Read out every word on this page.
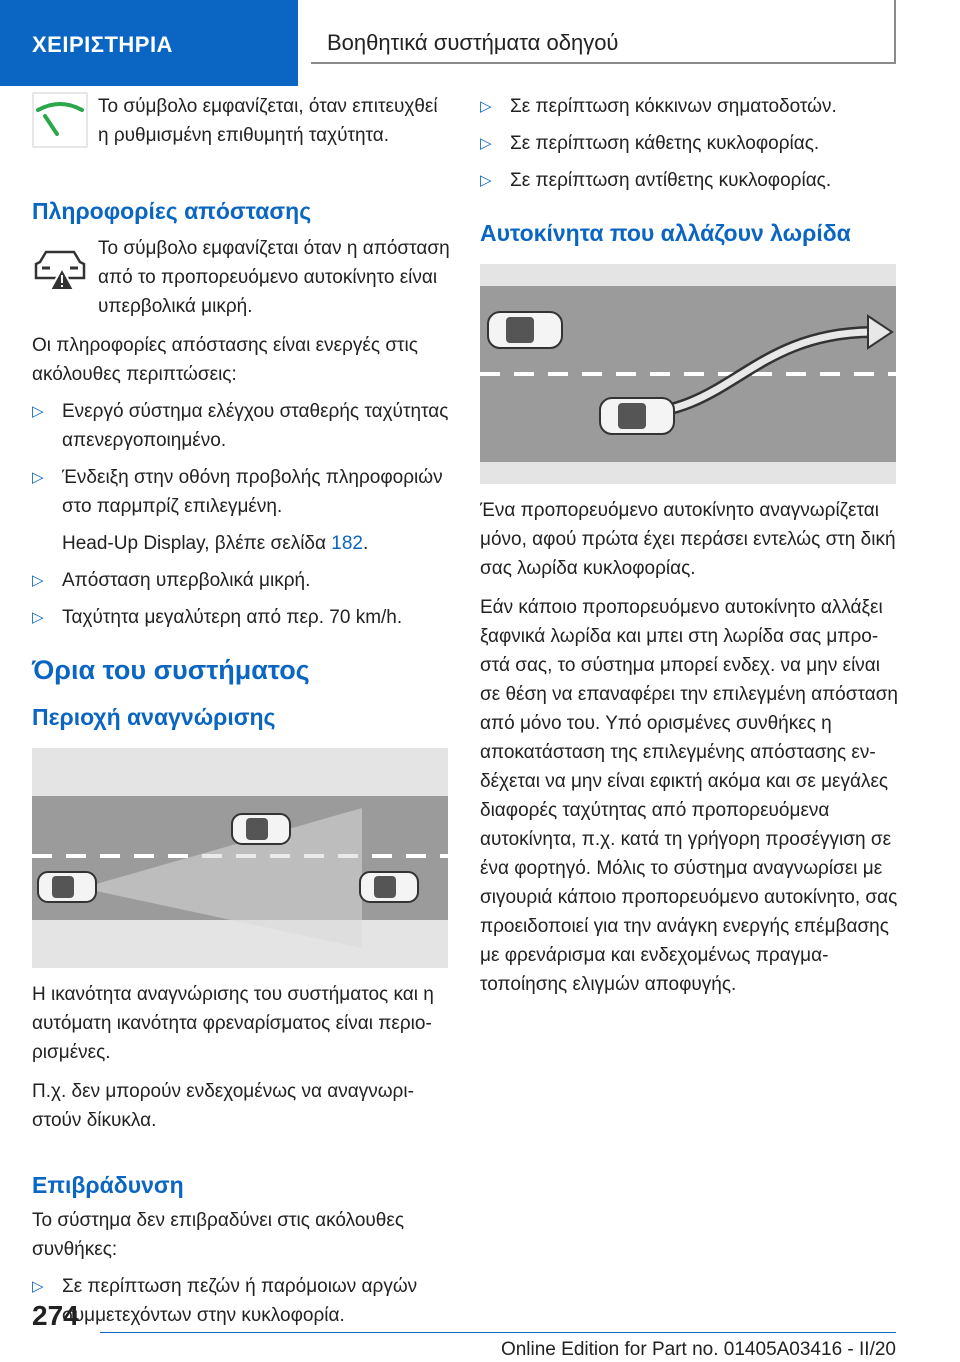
ΧΕΙΡΙΣΤΗΡΙΑ	Βοηθητικά συστήματα οδηγού
Το σύμβολο εμφανίζεται, όταν επιτευχθεί η ρυθμισμένη επιθυμητή ταχύτητα.
Πληροφορίες απόστασης
Το σύμβολο εμφανίζεται όταν η απόσταση από το προπορευόμενο αυτοκίνητο είναι υπερβολικά μικρή.
Οι πληροφορίες απόστασης είναι ενεργές στις ακόλουθες περιπτώσεις:
▷ Ενεργό σύστημα ελέγχου σταθερής ταχύτητας απενεργοποιημένο.
▷ Ένδειξη στην οθόνη προβολής πληροφοριών στο παρμπρίζ επιλεγμένη.
Head-Up Display, βλέπε σελίδα 182.
▷ Απόσταση υπερβολικά μικρή.
▷ Ταχύτητα μεγαλύτερη από περ. 70 km/h.
Όρια του συστήματος
Περιοχή αναγνώρισης
Η ικανότητα αναγνώρισης του συστήματος και η αυτόματη ικανότητα φρεναρίσματος είναι περιορισμένες.
Π.χ. δεν μπορούν ενδεχομένως να αναγνωριστούν δίκυκλα.
Επιβράδυνση
Το σύστημα δεν επιβραδύνει στις ακόλουθες συνθήκες:
▷ Σε περίπτωση πεζών ή παρόμοιων αργών συμμετεχόντων στην κυκλοφορία.
▷ Σε περίπτωση κόκκινων σηματοδοτών.
▷ Σε περίπτωση κάθετης κυκλοφορίας.
▷ Σε περίπτωση αντίθετης κυκλοφορίας.
Αυτοκίνητα που αλλάζουν λωρίδα
Ένα προπορευόμενο αυτοκίνητο αναγνωρίζεται μόνο, αφού πρώτα έχει περάσει εντελώς στη δική σας λωρίδα κυκλοφορίας.
Εάν κάποιο προπορευόμενο αυτοκίνητο αλλάξει ξαφνικά λωρίδα και μπει στη λωρίδα σας μπροστά σας, το σύστημα μπορεί ενδεχ. να μην είναι σε θέση να επαναφέρει την επιλεγμένη απόσταση από μόνο του. Υπό ορισμένες συνθήκες η αποκατάσταση της επιλεγμένης απόστασης ενδέχεται να μην είναι εφικτή ακόμα και σε μεγάλες διαφορές ταχύτητας από προπορευόμενα αυτοκίνητα, π.χ. κατά τη γρήγορη προσέγγιση σε ένα φορτηγό. Μόλις το σύστημα αναγνωρίσει με σιγουριά κάποιο προπορευόμενο αυτοκίνητο, σας προειδοποιεί για την ανάγκη ενεργής επέμβασης με φρενάρισμα και ενδεχομένως πραγματοποίησης ελιγμών αποφυγής.
274
Online Edition for Part no. 01405A03416 - II/20
